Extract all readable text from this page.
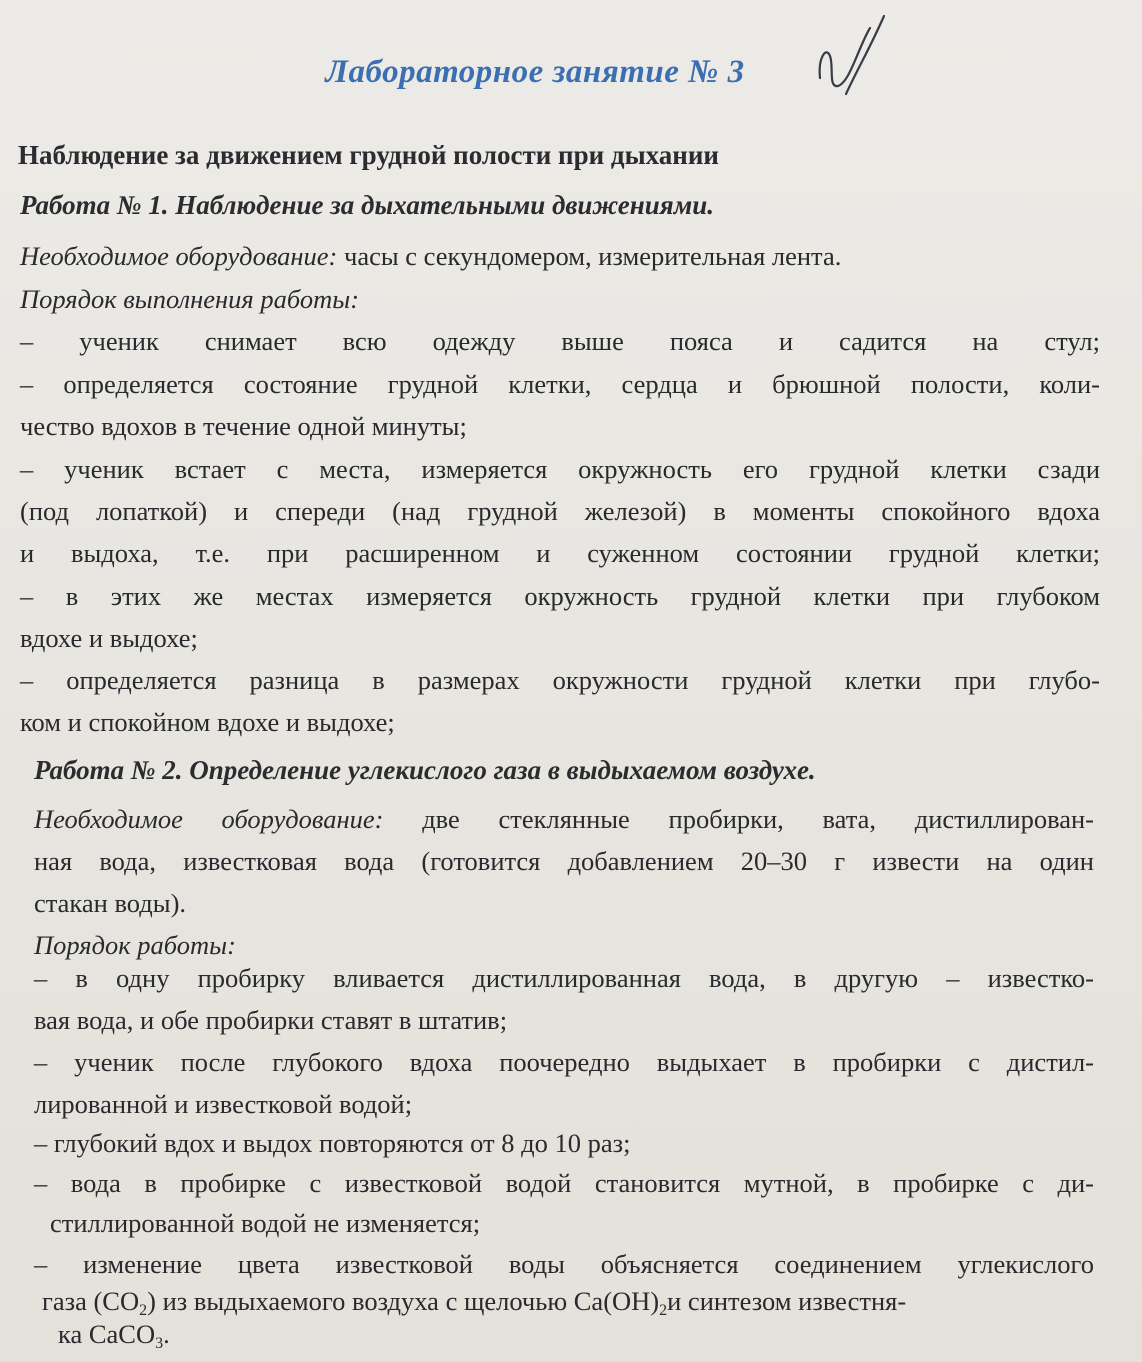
Лабораторное занятие № 3
Наблюдение за движением грудной полости при дыхании
Работа № 1. Наблюдение за дыхательными движениями.
Необходимое оборудование: часы с секундомером, измерительная лента.
Порядок выполнения работы:
– ученик снимает всю одежду выше пояса и садится на стул;
– определяется состояние грудной клетки, сердца и брюшной полости, коли-
чество вдохов в течение одной минуты;
– ученик встает с места, измеряется окружность его грудной клетки сзади
(под лопаткой) и спереди (над грудной железой) в моменты спокойного вдоха
и выдоха, т.е. при расширенном и суженном состоянии грудной клетки;
– в этих же местах измеряется окружность грудной клетки при глубоком
вдохе и выдохе;
– определяется разница в размерах окружности грудной клетки при глубо-
ком и спокойном вдохе и выдохе;
Работа № 2. Определение углекислого газа в выдыхаемом воздухе.
Необходимое оборудование: две стеклянные пробирки, вата, дистиллирован-
ная вода, известковая вода (готовится добавлением 20–30 г извести на один
стакан воды).
Порядок работы:
– в одну пробирку вливается дистиллированная вода, в другую – известко-
вая вода, и обе пробирки ставят в штатив;
– ученик после глубокого вдоха поочередно выдыхает в пробирки с дистил-
лированной и известковой водой;
– глубокий вдох и выдох повторяются от 8 до 10 раз;
– вода в пробирке с известковой водой становится мутной, в пробирке с ди-
стиллированной водой не изменяется;
– изменение цвета известковой воды объясняется соединением углекислого
газа $(CO_2)$ из выдыхаемого воздуха с щелочью $Ca(OH)_2и$ синтезом известня-
ка CaCO$_3$.
